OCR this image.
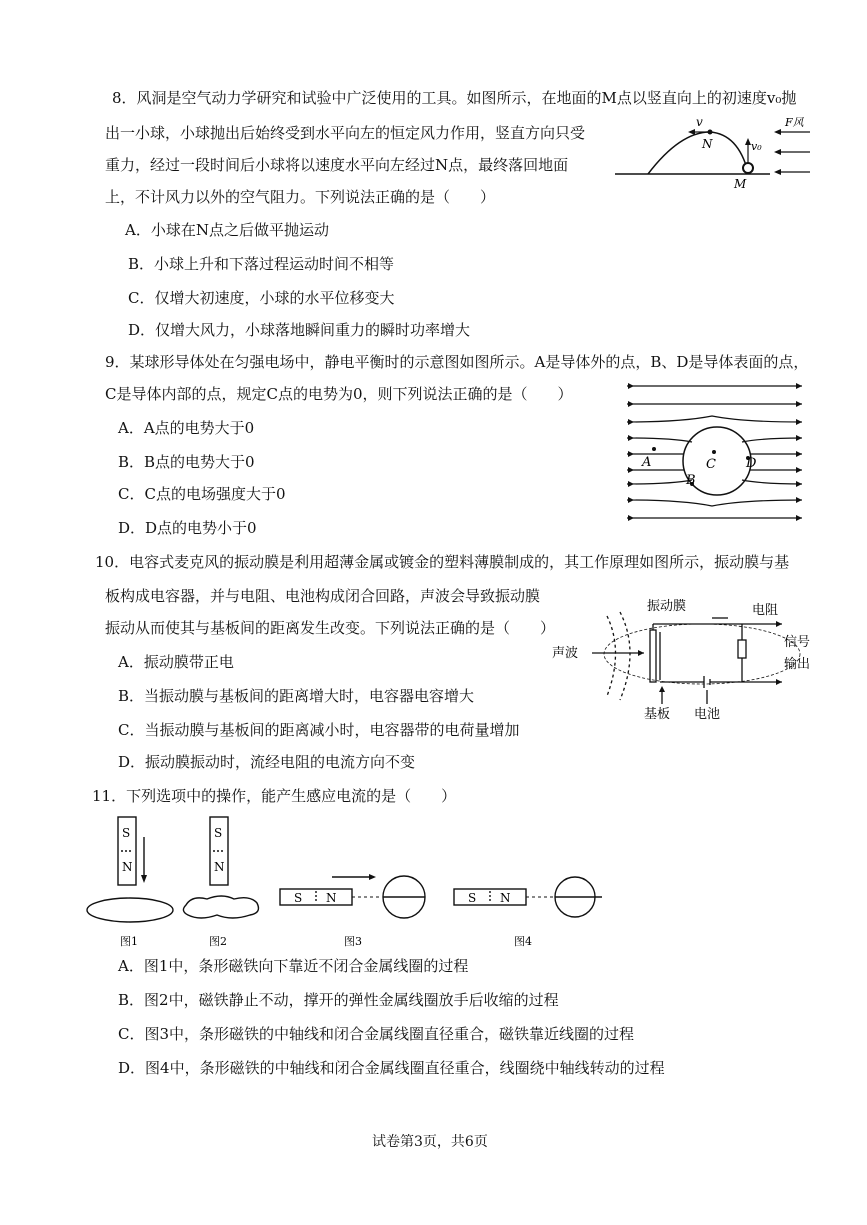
8．风洞是空气动力学研究和试验中广泛使用的工具。如图所示，在地面的M点以竖直向上的初速度v₀抛
出一小球，小球抛出后始终受到水平向左的恒定风力作用，竖直方向只受
重力，经过一段时间后小球将以速度水平向左经过N点，最终落回地面
上，不计风力以外的空气阻力。下列说法正确的是（　　）
A．小球在N点之后做平抛运动
B．小球上升和下落过程运动时间不相等
C．仅增大初速度，小球的水平位移变大
D．仅增大风力，小球落地瞬间重力的瞬时功率增大
v
N	v₀
M
F风
9．某球形导体处在匀强电场中，静电平衡时的示意图如图所示。A是导体外的点，B、D是导体表面的点，
C是导体内部的点，规定C点的电势为0，则下列说法正确的是（　　）
A．A点的电势大于0
B．B点的电势大于0
C．C点的电场强度大于0
D．D点的电势小于0
A
B
C D
10．电容式麦克风的振动膜是利用超薄金属或镀金的塑料薄膜制成的，其工作原理如图所示，振动膜与基
板构成电容器，并与电阻、电池构成闭合回路，声波会导致振动膜
振动从而使其与基板间的距离发生改变。下列说法正确的是（　　）
A．振动膜带正电
B．当振动膜与基板间的距离增大时，电容器电容增大
C．当振动膜与基板间的距离减小时，电容器带的电荷量增加
D．振动膜振动时，流经电阻的电流方向不变
振动膜	电阻
声波
信号
输出
基板 电池
11．下列选项中的操作，能产生感应电流的是（　　）
S
N
图1
S
N
图2
S N
图3
S N
图4
A．图1中，条形磁铁向下靠近不闭合金属线圈的过程
B．图2中，磁铁静止不动，撑开的弹性金属线圈放手后收缩的过程
C．图3中，条形磁铁的中轴线和闭合金属线圈直径重合，磁铁靠近线圈的过程
D．图4中，条形磁铁的中轴线和闭合金属线圈直径重合，线圈绕中轴线转动的过程
试卷第3页，共6页
